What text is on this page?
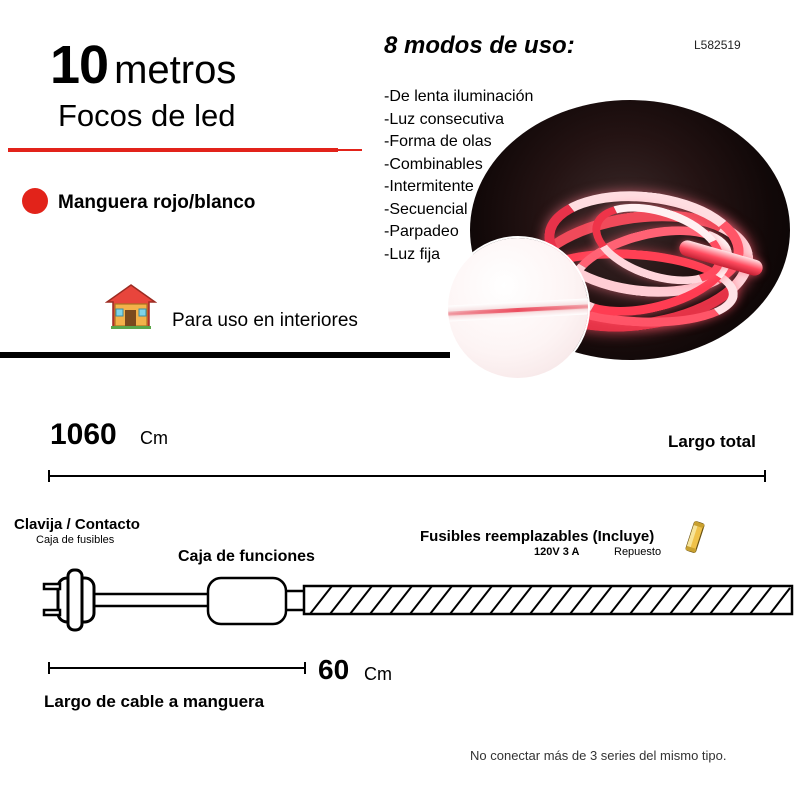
10 metros
Focos de led
Manguera rojo/blanco
Para uso en interiores
8 modos de uso:
-De lenta iluminación
-Luz consecutiva
-Forma de olas
-Combinables
-Intermitente
-Secuencial
-Parpadeo
-Luz fija
L582519
1060 Cm	Largo total
Clavija / Contacto
Caja de fusibles
Caja de funciones
Fusibles reemplazables (Incluye)
120V 3 A	Repuesto
60 Cm
Largo de cable a manguera
No conectar más de 3 series del mismo tipo.
